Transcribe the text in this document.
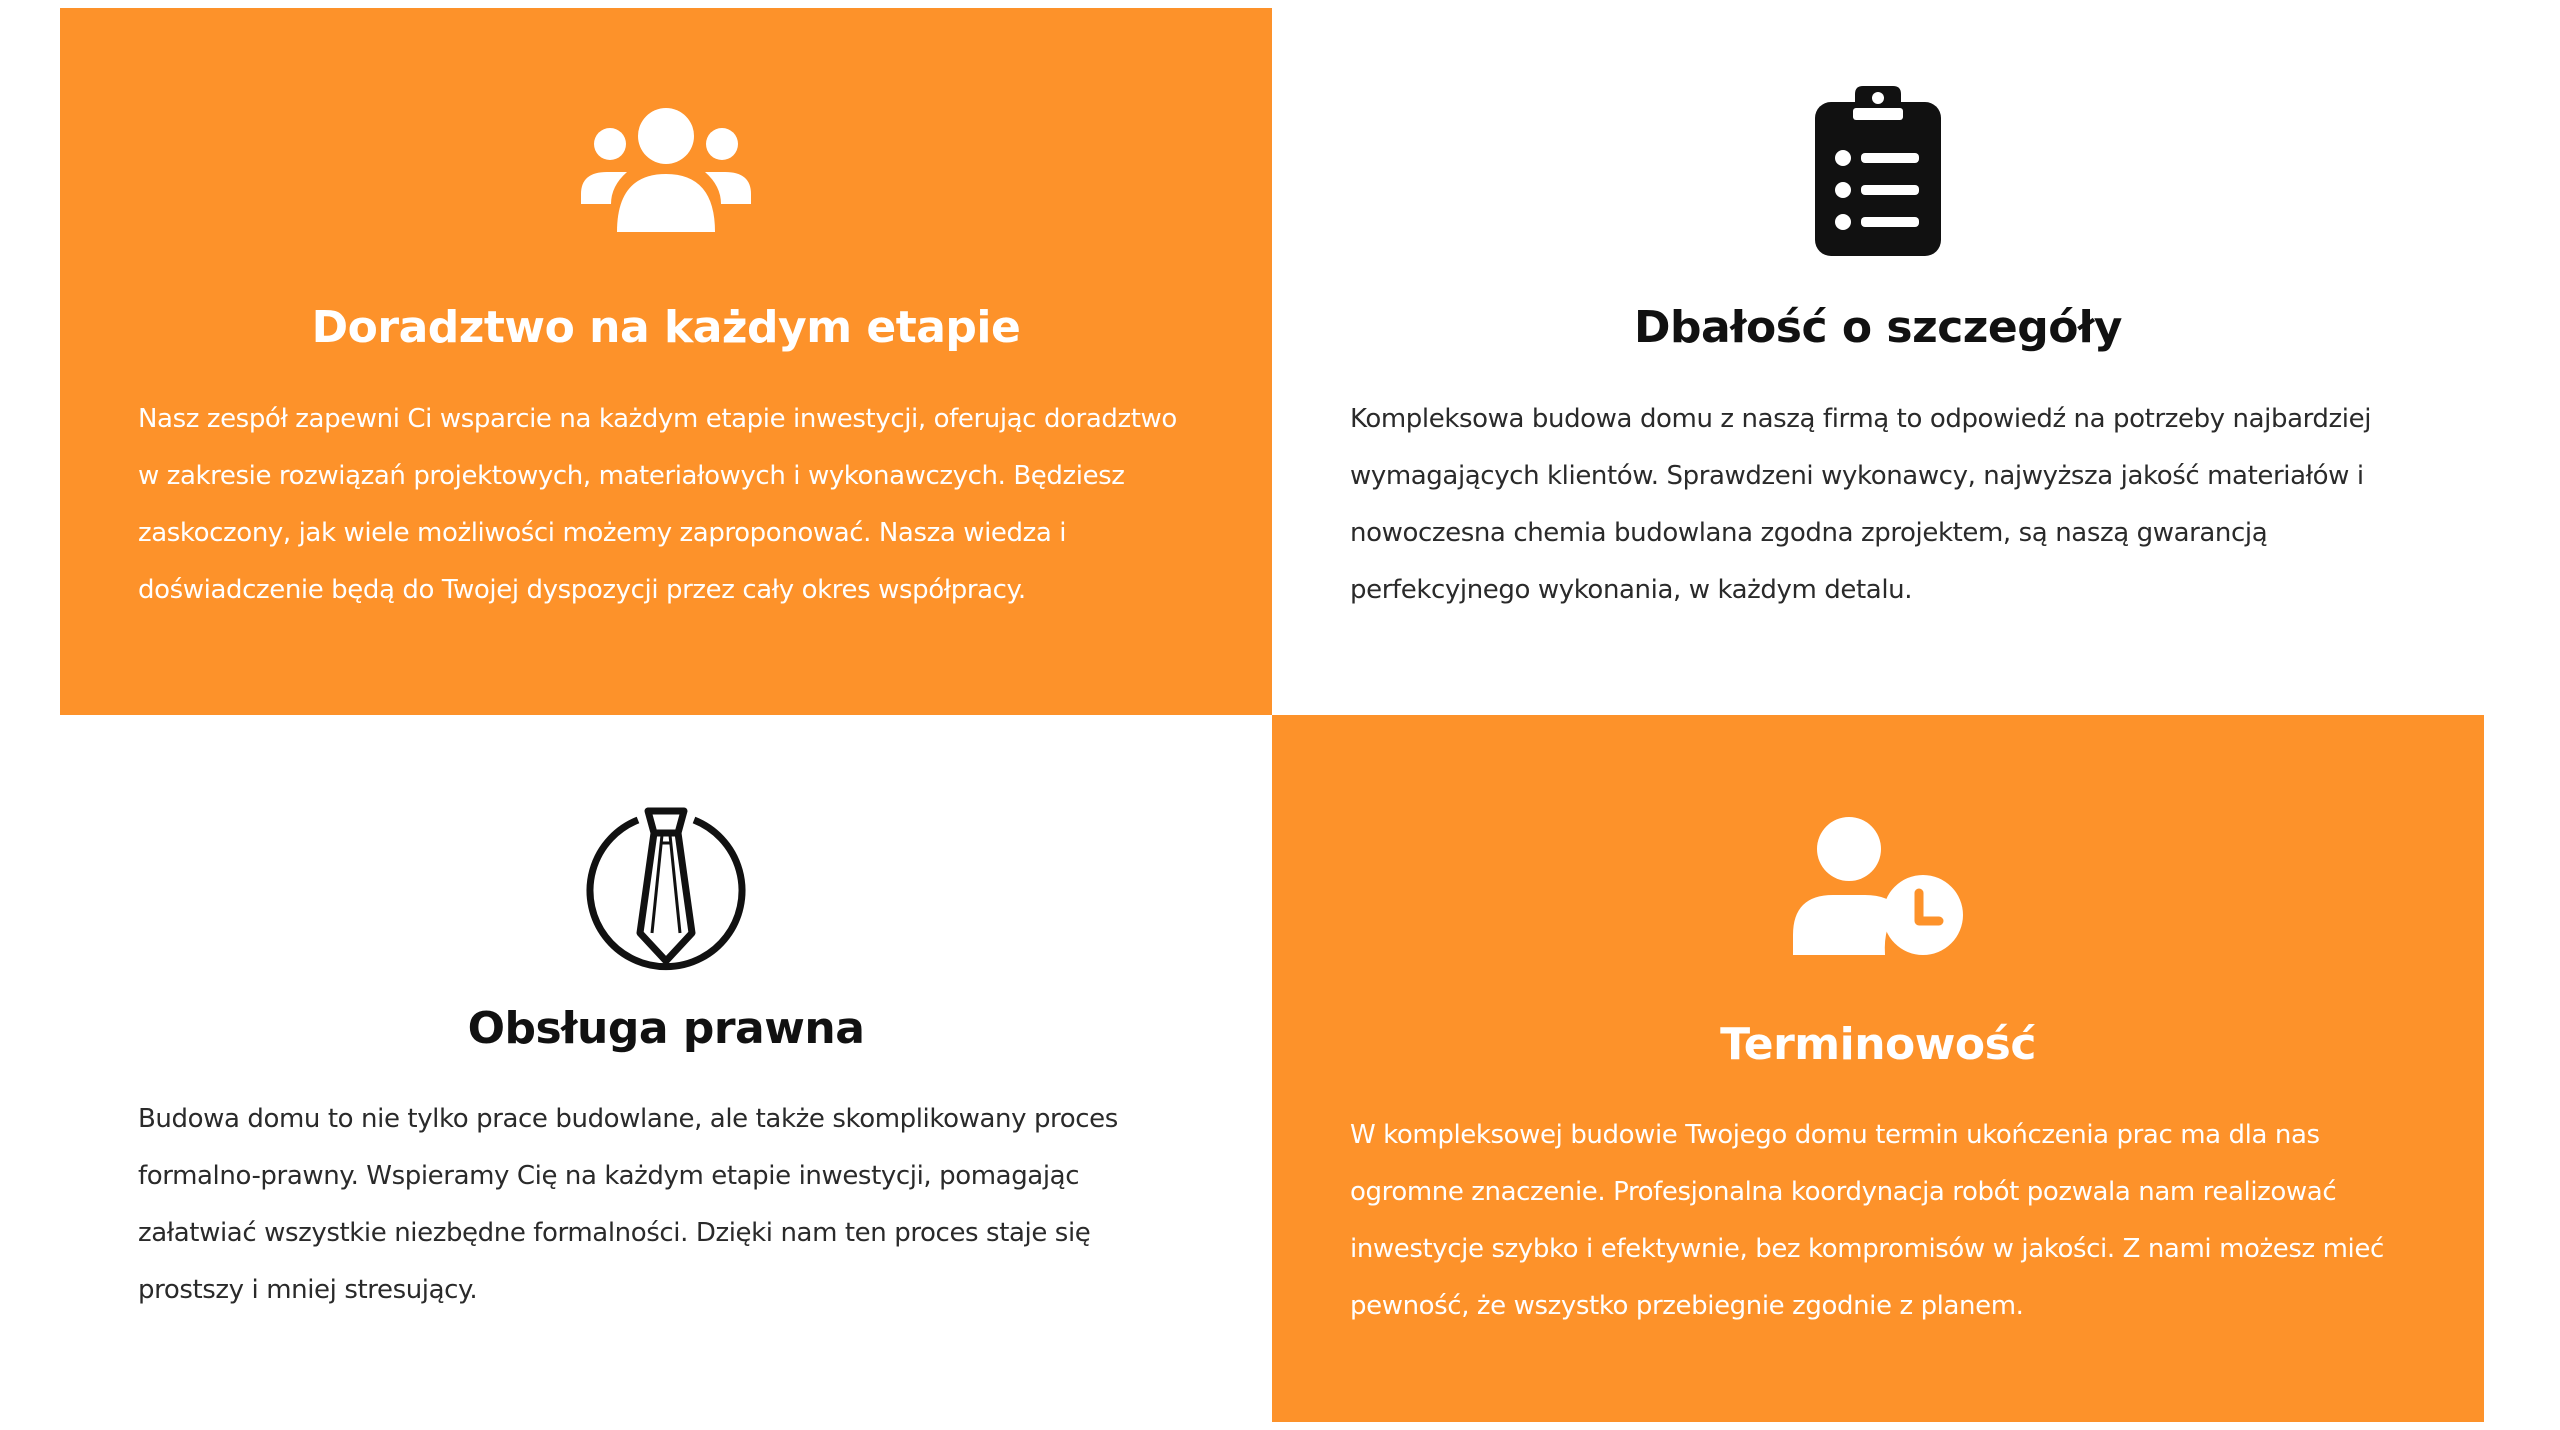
Doradztwo na każdym etapie

Nasz zespół zapewni Ci wsparcie na każdym etapie inwestycji, oferując doradztwo w zakresie rozwiązań projektowych, materiałowych i wykonawczych. Będziesz zaskoczony, jak wiele możliwości możemy zaproponować. Nasza wiedza i doświadczenie będą do Twojej dyspozycji przez cały okres współpracy.

Dbałość o szczegóły

Kompleksowa budowa domu z naszą firmą to odpowiedź na potrzeby najbardziej wymagających klientów. Sprawdzeni wykonawcy, najwyższa jakość materiałów i nowoczesna chemia budowlana zgodna zprojektem, są naszą gwarancją perfekcyjnego wykonania, w każdym detalu.

Obsługa prawna

Budowa domu to nie tylko prace budowlane, ale także skomplikowany proces formalno-prawny. Wspieramy Cię na każdym etapie inwestycji, pomagając załatwiać wszystkie niezbędne formalności. Dzięki nam ten proces staje się prostszy i mniej stresujący.

Terminowość

W kompleksowej budowie Twojego domu termin ukończenia prac ma dla nas ogromne znaczenie. Profesjonalna koordynacja robót pozwala nam realizować inwestycje szybko i efektywnie, bez kompromisów w jakości. Z nami możesz mieć pewność, że wszystko przebiegnie zgodnie z planem.
